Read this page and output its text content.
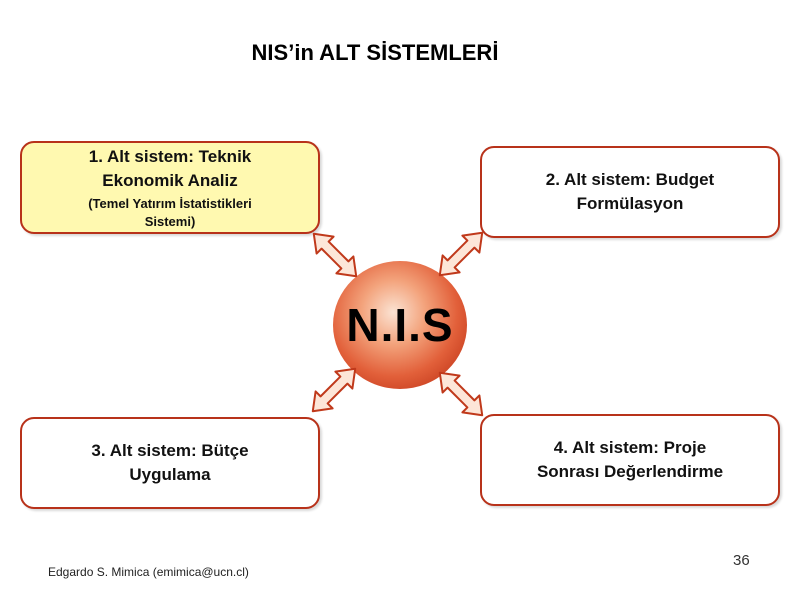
NIS’in ALT SİSTEMLERİ
1. Alt sistem: Teknik
Ekonomik Analiz
(Temel Yatırım İstatistikleri
Sistemi)
2. Alt sistem: Budget
Formülasyon
3. Alt sistem: Bütçe
Uygulama
4. Alt sistem: Proje
Sonrası Değerlendirme
N.I.S
Edgardo S. Mimica (emimica@ucn.cl)
36
